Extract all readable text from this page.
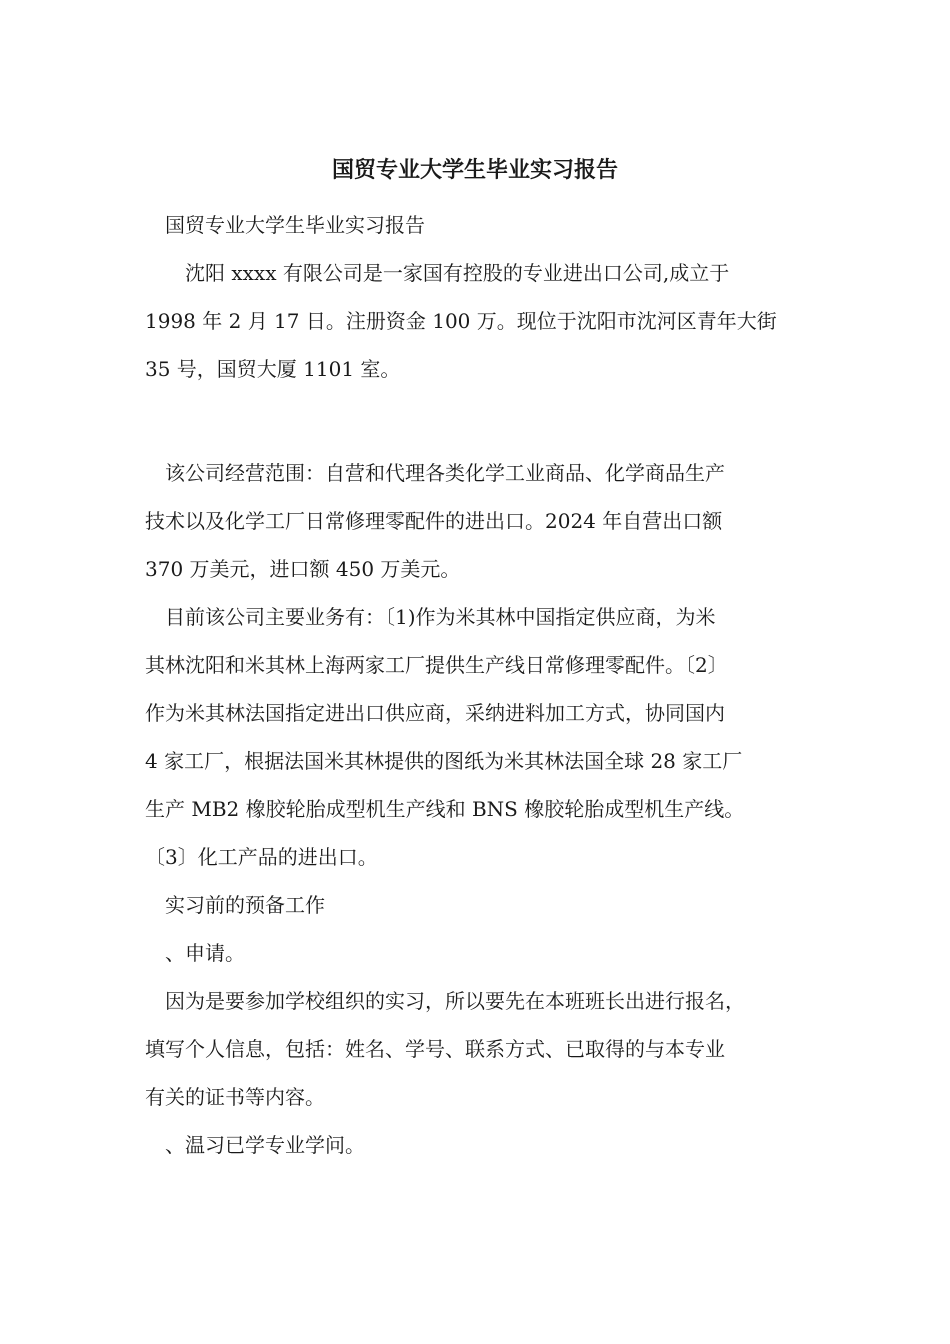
国贸专业大学生毕业实习报告

国贸专业大学生毕业实习报告

沈阳 xxxx 有限公司是一家国有控股的专业进出口公司,成立于

1998 年 2 月 17 日。注册资金 100 万。现位于沈阳市沈河区青年大街

35 号，国贸大厦 1101 室。

该公司经营范围：自营和代理各类化学工业商品、化学商品生产

技术以及化学工厂日常修理零配件的进出口。2024 年自营出口额

370 万美元，进口额 450 万美元。

目前该公司主要业务有：〔1)作为米其林中国指定供应商，为米

其林沈阳和米其林上海两家工厂提供生产线日常修理零配件。〔2〕

作为米其林法国指定进出口供应商，采纳进料加工方式，协同国内

4 家工厂，根据法国米其林提供的图纸为米其林法国全球 28 家工厂

生产 MB2 橡胶轮胎成型机生产线和 BNS 橡胶轮胎成型机生产线。

〔3〕化工产品的进出口。

实习前的预备工作

、申请。

因为是要参加学校组织的实习，所以要先在本班班长出进行报名，

填写个人信息，包括：姓名、学号、联系方式、已取得的与本专业

有关的证书等内容。

、温习已学专业学问。
